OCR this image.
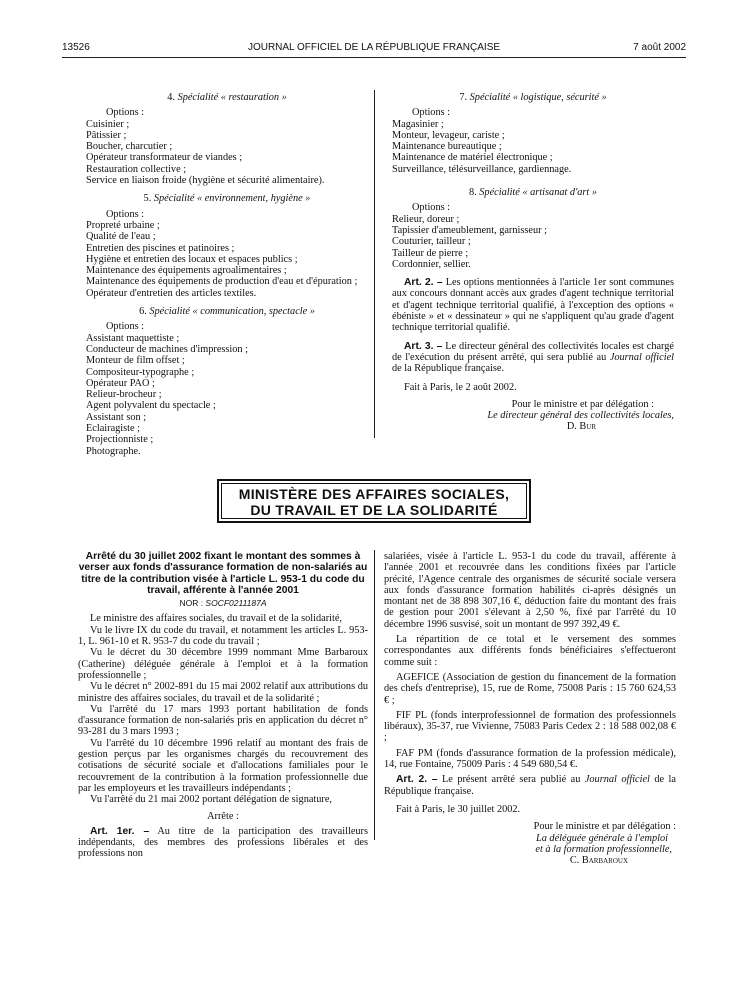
13526	JOURNAL OFFICIEL DE LA RÉPUBLIQUE FRANÇAISE	7 août 2002

4. Spécialité « restauration »

Options :

Cuisinier ;

Pâtissier ;

Boucher, charcutier ;

Opérateur transformateur de viandes ;

Restauration collective ;

Service en liaison froide (hygiène et sécurité alimentaire).

5. Spécialité « environnement, hygiène »

Options :

Propreté urbaine ;

Qualité de l'eau ;

Entretien des piscines et patinoires ;

Hygiène et entretien des locaux et espaces publics ;

Maintenance des équipements agroalimentaires ;

Maintenance des équipements de production d'eau et d'épuration ;

Opérateur d'entretien des articles textiles.

6. Spécialité « communication, spectacle »

Options :

Assistant maquettiste ;

Conducteur de machines d'impression ;

Monteur de film offset ;

Compositeur-typographe ;

Opérateur PAO ;

Relieur-brocheur ;

Agent polyvalent du spectacle ;

Assistant son ;

Eclairagiste ;

Projectionniste ;

Photographe.

7. Spécialité « logistique, sécurité »

Options :

Magasinier ;

Monteur, levageur, cariste ;

Maintenance bureautique ;

Maintenance de matériel électronique ;

Surveillance, télésurveillance, gardiennage.

8. Spécialité « artisanat d'art »

Options :

Relieur, doreur ;

Tapissier d'ameublement, garnisseur ;

Couturier, tailleur ;

Tailleur de pierre ;

Cordonnier, sellier.

Art. 2. – Les options mentionnées à l'article 1er sont communes aux concours donnant accès aux grades d'agent technique territorial et d'agent technique territorial qualifié, à l'exception des options « ébéniste » et « dessinateur » qui ne s'appliquent qu'au grade d'agent technique territorial qualifié.

Art. 3. – Le directeur général des collectivités locales est chargé de l'exécution du présent arrêté, qui sera publié au Journal officiel de la République française.

Fait à Paris, le 2 août 2002.

Pour le ministre et par délégation :

Le directeur général des collectivités locales,

D. Bur

MINISTÈRE DES AFFAIRES SOCIALES,
DU TRAVAIL ET DE LA SOLIDARITÉ

Arrêté du 30 juillet 2002 fixant le montant des sommes à verser aux fonds d'assurance formation de non-salariés au titre de la contribution visée à l'article L. 953-1 du code du travail, afférente à l'année 2001

NOR : SOCF0211187A

Le ministre des affaires sociales, du travail et de la solidarité,

Vu le livre IX du code du travail, et notamment les articles L. 953-1, L. 961-10 et R. 953-7 du code du travail ;

Vu le décret du 30 décembre 1999 nommant Mme Barbaroux (Catherine) déléguée générale à l'emploi et à la formation professionnelle ;

Vu le décret n° 2002-891 du 15 mai 2002 relatif aux attributions du ministre des affaires sociales, du travail et de la solidarité ;

Vu l'arrêté du 17 mars 1993 portant habilitation de fonds d'assurance formation de non-salariés pris en application du décret n° 93-281 du 3 mars 1993 ;

Vu l'arrêté du 10 décembre 1996 relatif au montant des frais de gestion perçus par les organismes chargés du recouvrement des cotisations de sécurité sociale et d'allocations familiales pour le recouvrement de la contribution à la formation professionnelle due par les employeurs et les travailleurs indépendants ;

Vu l'arrêté du 21 mai 2002 portant délégation de signature,

Arrête :

Art. 1er. – Au titre de la participation des travailleurs indépendants, des membres des professions libérales et des professions non

salariées, visée à l'article L. 953-1 du code du travail, afférente à l'année 2001 et recouvrée dans les conditions fixées par l'article précité, l'Agence centrale des organismes de sécurité sociale versera aux fonds d'assurance formation habilités ci-après désignés un montant net de 38 898 307,16 €, déduction faite du montant des frais de gestion pour 2001 s'élevant à 2,50 %, fixé par l'arrêté du 10 décembre 1996 susvisé, soit un montant de 997 392,49 €.

La répartition de ce total et le versement des sommes correspondantes aux différents fonds bénéficiaires s'effectueront comme suit :

AGEFICE (Association de gestion du financement de la formation des chefs d'entreprise), 15, rue de Rome, 75008 Paris : 15 760 624,53 € ;

FIF PL (fonds interprofessionnel de formation des professionnels libéraux), 35-37, rue Vivienne, 75083 Paris Cedex 2 : 18 588 002,08 € ;

FAF PM (fonds d'assurance formation de la profession médicale), 14, rue Fontaine, 75009 Paris : 4 549 680,54 €.

Art. 2. – Le présent arrêté sera publié au Journal officiel de la République française.

Fait à Paris, le 30 juillet 2002.

Pour le ministre et par délégation :

La déléguée générale à l'emploi

et à la formation professionnelle,

C. Barbaroux
